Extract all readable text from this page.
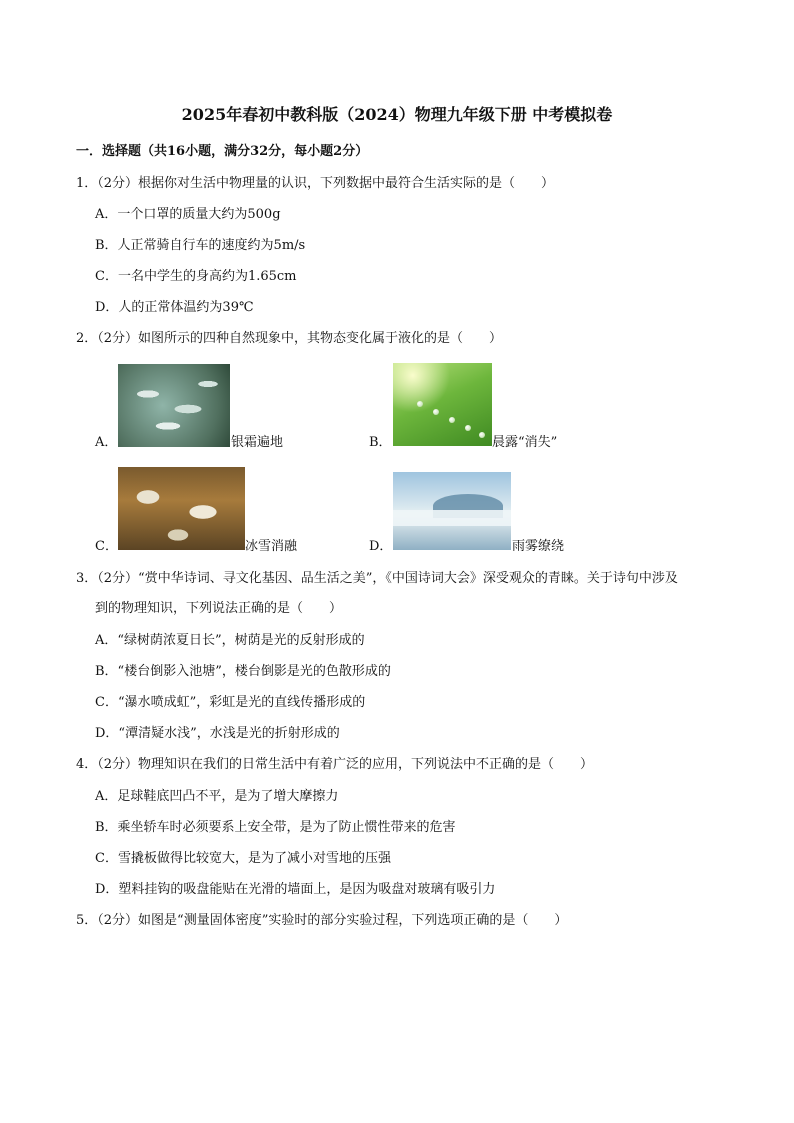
2025年春初中教科版（2024）物理九年级下册 中考模拟卷
一．选择题（共16小题，满分32分，每小题2分）
1．（2分）根据你对生活中物理量的认识，下列数据中最符合生活实际的是（　　）
A．一个口罩的质量大约为500g
B．人正常骑自行车的速度约为5m/s
C．一名中学生的身高约为1.65cm
D．人的正常体温约为39℃
2．（2分）如图所示的四种自然现象中，其物态变化属于液化的是（　　）
A．	银霜遍地	B．	晨露“消失”
C．	冰雪消融	D．	雨雾缭绕
3．（2分）“赏中华诗词、寻文化基因、品生活之美”，《中国诗词大会》深受观众的青睐。关于诗句中涉及
到的物理知识，下列说法正确的是（　　）
A．“绿树荫浓夏日长”，树荫是光的反射形成的
B．“楼台倒影入池塘”，楼台倒影是光的色散形成的
C．“瀑水喷成虹”，彩虹是光的直线传播形成的
D．“潭清疑水浅”，水浅是光的折射形成的
4．（2分）物理知识在我们的日常生活中有着广泛的应用，下列说法中不正确的是（　　）
A．足球鞋底凹凸不平，是为了增大摩擦力
B．乘坐轿车时必须要系上安全带，是为了防止惯性带来的危害
C．雪撬板做得比较宽大，是为了减小对雪地的压强
D．塑料挂钩的吸盘能贴在光滑的墙面上，是因为吸盘对玻璃有吸引力
5．（2分）如图是“测量固体密度”实验时的部分实验过程，下列选项正确的是（　　）
